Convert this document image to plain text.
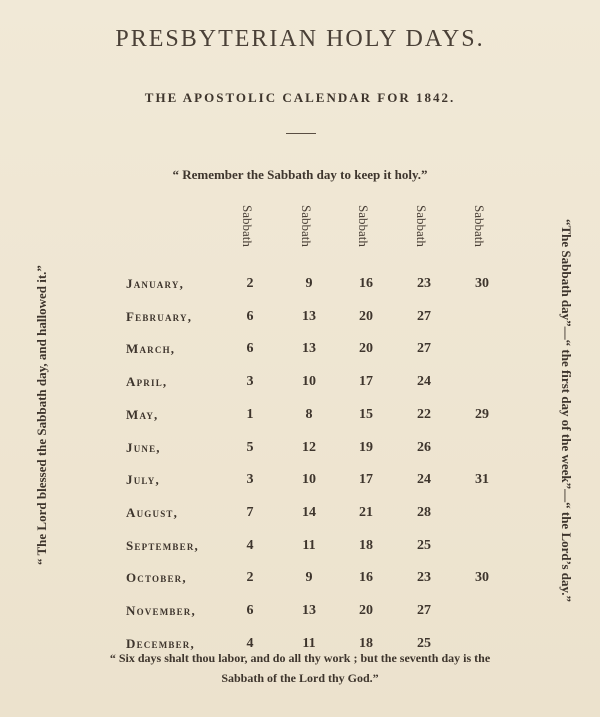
PRESBYTERIAN HOLY DAYS.
THE APOSTOLIC CALENDAR FOR 1842.
“ Remember the Sabbath day to keep it holy.”
Sabbath	Sabbath	Sabbath	Sabbath	Sabbath
January,	2	9	16	23	30
February,	6	13	20	27
March,	6	13	20	27
April,	3	10	17	24
May,	1	8	15	22	29
June,	5	12	19	26
July,	3	10	17	24	31
August,	7	14	21	28
September,	4	11	18	25
October,	2	9	16	23	30
November,	6	13	20	27
December,	4	11	18	25
“ The Lord blessed the Sabbath day, and hallowed it.”	“The Sabbath day”—“ the first day of the week”—“ the Lord’s day.”
“ Six days shalt thou labor, and do all thy work ; but the seventh day is the
Sabbath of the Lord thy God.”
